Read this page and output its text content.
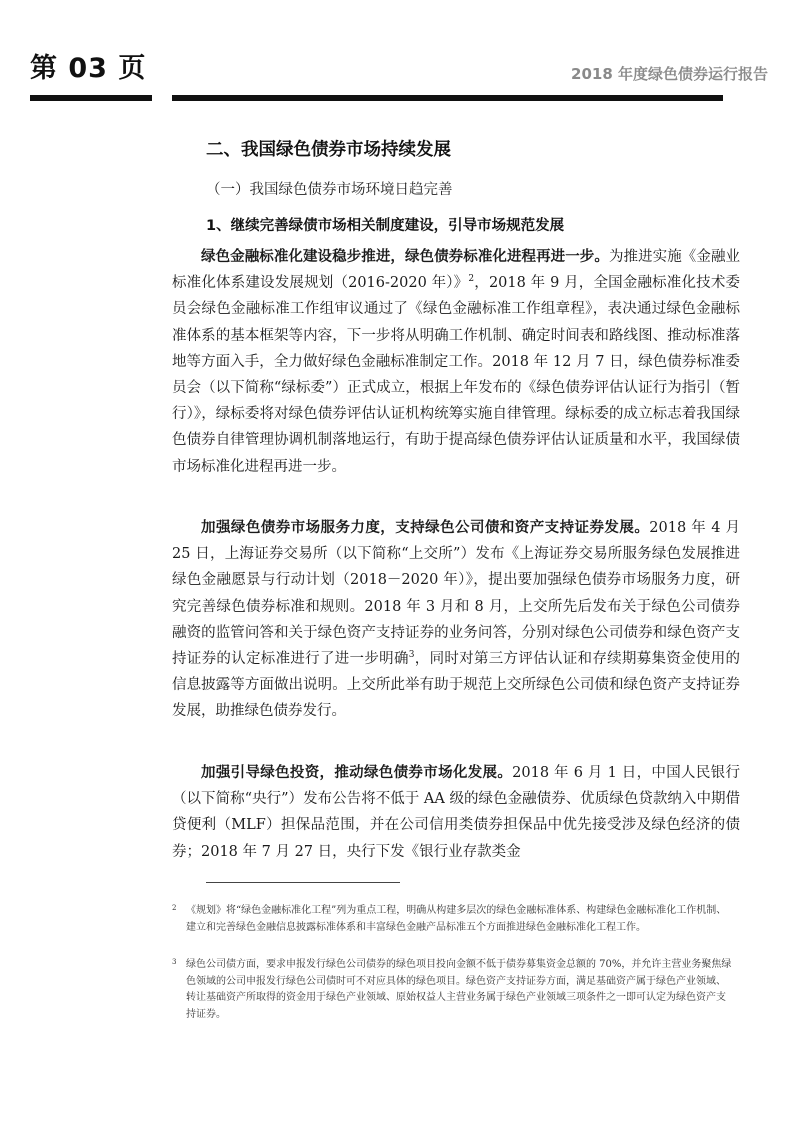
第 03 页	2018 年度绿色债券运行报告
二、我国绿色债券市场持续发展
（一）我国绿色债券市场环境日趋完善
1、继续完善绿债市场相关制度建设，引导市场规范发展

绿色金融标准化建设稳步推进，绿色债券标准化进程再进一步。为推进实施《金融业标准化体系建设发展规划（2016-2020 年）》$^2$，2018 年 9 月，全国金融标准化技术委员会绿色金融标准工作组审议通过了《绿色金融标准工作组章程》，表决通过绿色金融标准体系的基本框架等内容，下一步将从明确工作机制、确定时间表和路线图、推动标准落地等方面入手，全力做好绿色金融标准制定工作。2018 年 12 月 7 日，绿色债券标准委员会（以下简称“绿标委”）正式成立，根据上年发布的《绿色债券评估认证行为指引（暂行）》，绿标委将对绿色债券评估认证机构统筹实施自律管理。绿标委的成立标志着我国绿色债券自律管理协调机制落地运行，有助于提高绿色债券评估认证质量和水平，我国绿债市场标准化进程再进一步。

加强绿色债券市场服务力度，支持绿色公司债和资产支持证券发展。2018 年 4 月 25 日，上海证券交易所（以下简称“上交所”）发布《上海证券交易所服务绿色发展推进绿色金融愿景与行动计划（2018－2020 年）》，提出要加强绿色债券市场服务力度，研究完善绿色债券标准和规则。2018 年 3 月和 8 月，上交所先后发布关于绿色公司债券融资的监管问答和关于绿色资产支持证券的业务问答，分别对绿色公司债券和绿色资产支持证券的认定标准进行了进一步明确$^3$，同时对第三方评估认证和存续期募集资金使用的信息披露等方面做出说明。上交所此举有助于规范上交所绿色公司债和绿色资产支持证券发展，助推绿色债券发行。

加强引导绿色投资，推动绿色债券市场化发展。2018 年 6 月 1 日，中国人民银行（以下简称“央行”）发布公告将不低于 AA 级的绿色金融债券、优质绿色贷款纳入中期借贷便利（MLF）担保品范围，并在公司信用类债券担保品中优先接受涉及绿色经济的债券；2018 年 7 月 27 日，央行下发《银行业存款类金

2 《规划》将“绿色金融标准化工程”列为重点工程，明确从构建多层次的绿色金融标准体系、构建绿色金融标准化工作机制、建立和完善绿色金融信息披露标准体系和丰富绿色金融产品标准五个方面推进绿色金融标准化工程工作。
3 绿色公司债方面，要求申报发行绿色公司债券的绿色项目投向金额不低于债券募集资金总额的 70%，并允许主营业务聚焦绿色领域的公司申报发行绿色公司债时可不对应具体的绿色项目。绿色资产支持证券方面，满足基础资产属于绿色产业领域、转让基础资产所取得的资金用于绿色产业领域、原始权益人主营业务属于绿色产业领域三项条件之一即可认定为绿色资产支持证券。
